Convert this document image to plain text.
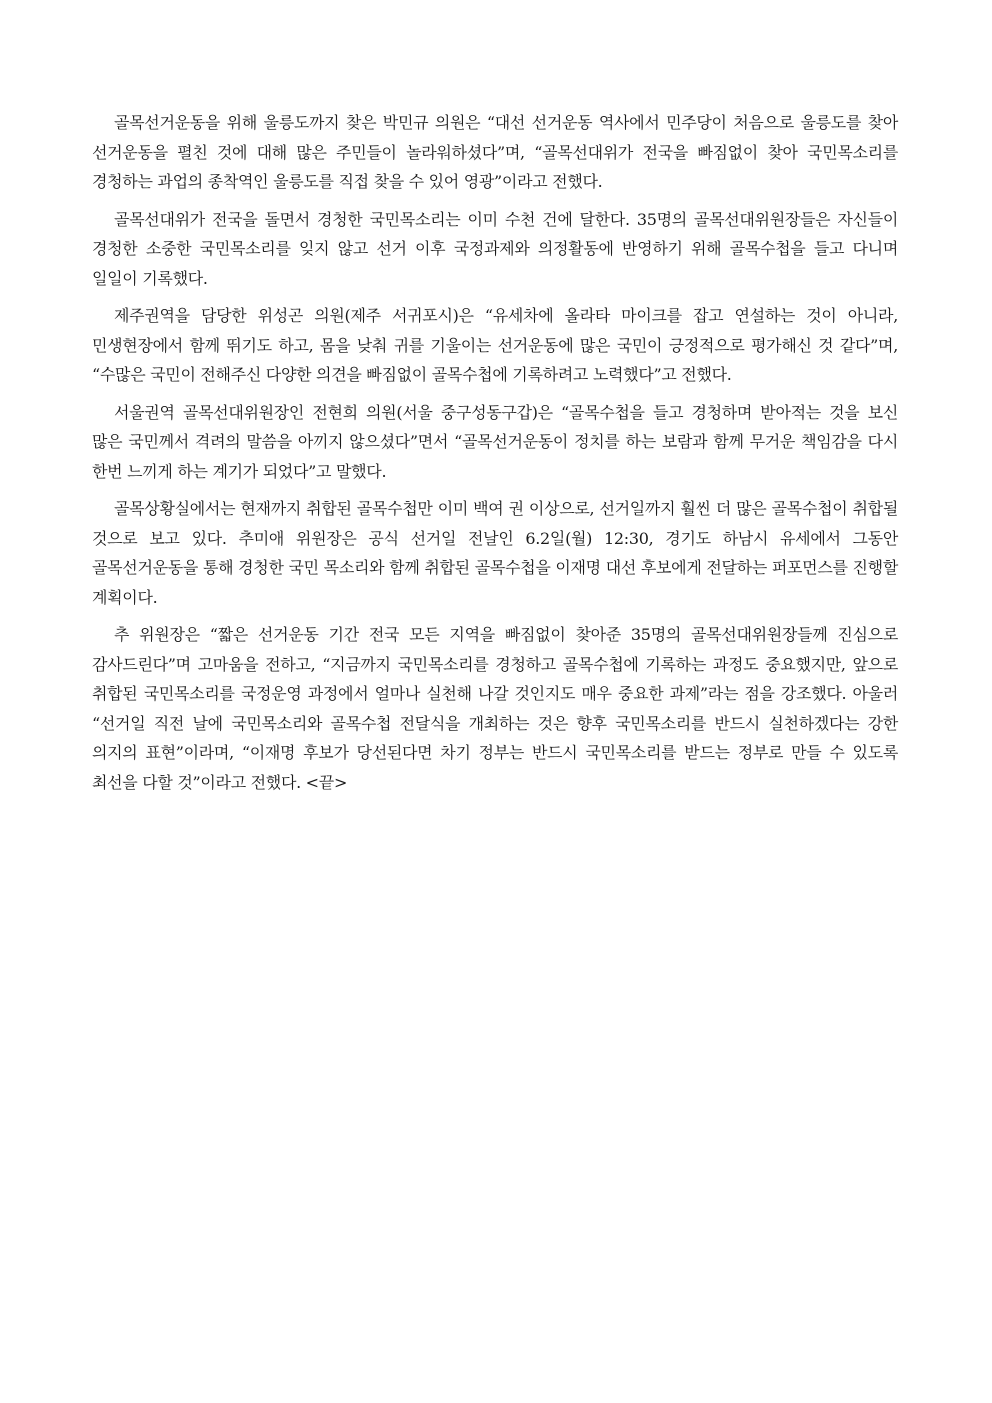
골목선거운동을 위해 울릉도까지 찾은 박민규 의원은 “대선 선거운동 역사에서 민주당이 처음으로 울릉도를 찾아 선거운동을 펼친 것에 대해 많은 주민들이 놀라워하셨다”며, “골목선대위가 전국을 빠짐없이 찾아 국민목소리를 경청하는 과업의 종착역인 울릉도를 직접 찾을 수 있어 영광”이라고 전했다.

골목선대위가 전국을 돌면서 경청한 국민목소리는 이미 수천 건에 달한다. 35명의 골목선대위원장들은 자신들이 경청한 소중한 국민목소리를 잊지 않고 선거 이후 국정과제와 의정활동에 반영하기 위해 골목수첩을 들고 다니며 일일이 기록했다.

제주권역을 담당한 위성곤 의원(제주 서귀포시)은 “유세차에 올라타 마이크를 잡고 연설하는 것이 아니라, 민생현장에서 함께 뛰기도 하고, 몸을 낮춰 귀를 기울이는 선거운동에 많은 국민이 긍정적으로 평가해신 것 같다”며, “수많은 국민이 전해주신 다양한 의견을 빠짐없이 골목수첩에 기록하려고 노력했다”고 전했다.

서울권역 골목선대위원장인 전현희 의원(서울 중구성동구갑)은 “골목수첩을 들고 경청하며 받아적는 것을 보신 많은 국민께서 격려의 말씀을 아끼지 않으셨다”면서 “골목선거운동이 정치를 하는 보람과 함께 무거운 책임감을 다시 한번 느끼게 하는 계기가 되었다”고 말했다.

골목상황실에서는 현재까지 취합된 골목수첩만 이미 백여 권 이상으로, 선거일까지 훨씬 더 많은 골목수첩이 취합될 것으로 보고 있다. 추미애 위원장은 공식 선거일 전날인 6.2일(월) 12:30, 경기도 하남시 유세에서 그동안 골목선거운동을 통해 경청한 국민 목소리와 함께 취합된 골목수첩을 이재명 대선 후보에게 전달하는 퍼포먼스를 진행할 계획이다.

추 위원장은 “짧은 선거운동 기간 전국 모든 지역을 빠짐없이 찾아준 35명의 골목선대위원장들께 진심으로 감사드린다”며 고마움을 전하고, “지금까지 국민목소리를 경청하고 골목수첩에 기록하는 과정도 중요했지만, 앞으로 취합된 국민목소리를 국정운영 과정에서 얼마나 실천해 나갈 것인지도 매우 중요한 과제”라는 점을 강조했다. 아울러 “선거일 직전 날에 국민목소리와 골목수첩 전달식을 개최하는 것은 향후 국민목소리를 반드시 실천하겠다는 강한 의지의 표현”이라며, “이재명 후보가 당선된다면 차기 정부는 반드시 국민목소리를 받드는 정부로 만들 수 있도록 최선을 다할 것”이라고 전했다. <끝>
